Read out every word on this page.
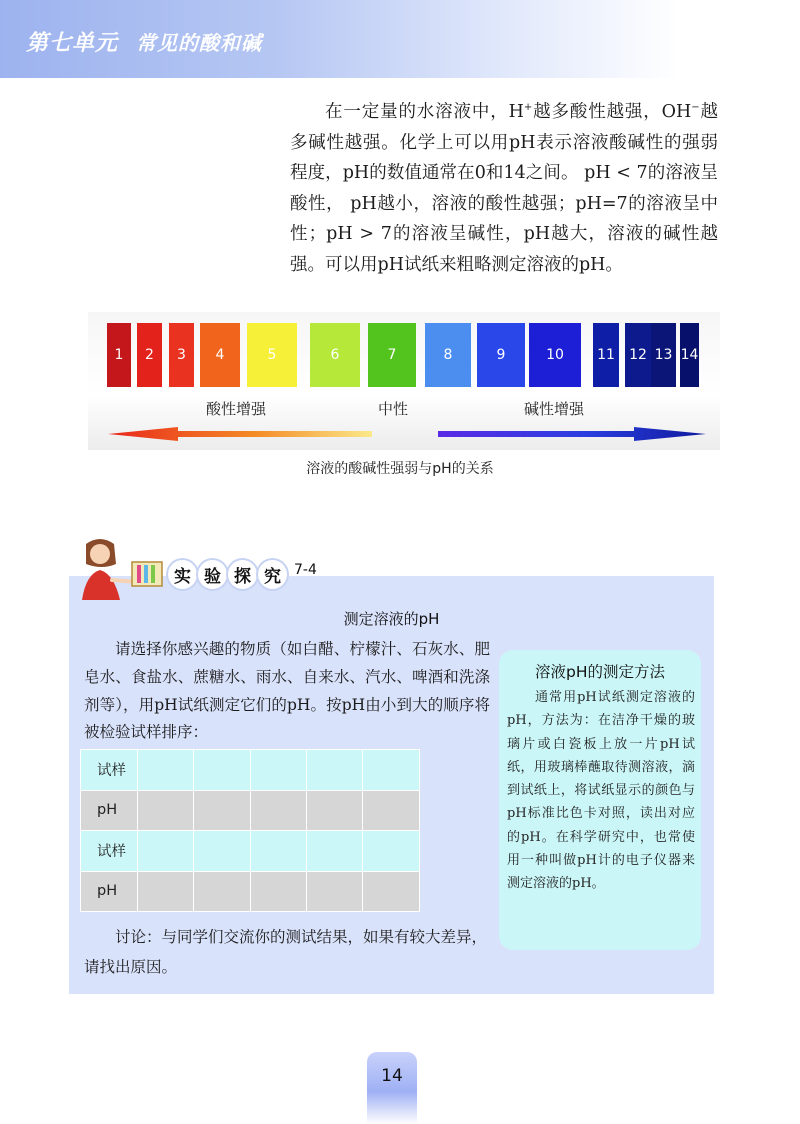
第七单元 常见的酸和碱
在一定量的水溶液中，H+越多酸性越强，OH−越多碱性越强。化学上可以用pH表示溶液酸碱性的强弱程度，pH的数值通常在0和14之间。 pH < 7的溶液呈酸性， pH越小，溶液的酸性越强；pH=7的溶液呈中性；pH > 7的溶液呈碱性，pH越大，溶液的碱性越强。可以用pH试纸来粗略测定溶液的pH。
酸性增强	中性	碱性增强
1	2	3	4	5	6	7	8	9	10	11 12 13 14
溶液的酸碱性强弱与pH的关系
实 验 探 究 7-4
测定溶液的pH
请选择你感兴趣的物质（如白醋、柠檬汁、石灰水、肥皂水、食盐水、蔗糖水、雨水、自来水、汽水、啤酒和洗涤剂等），用pH试纸测定它们的pH。按pH由小到大的顺序将被检验试样排序：
试样					
pH					
试样					
pH					
讨论：与同学们交流你的测试结果，如果有较大差异，请找出原因。
溶液pH的测定方法
通常用pH试纸测定溶液的pH，方法为：在洁净干燥的玻璃片或白瓷板上放一片pH试纸，用玻璃棒蘸取待测溶液，滴到试纸上，将试纸显示的颜色与pH标准比色卡对照，读出对应的pH。在科学研究中，也常使用一种叫做pH计的电子仪器来测定溶液的pH。
14
